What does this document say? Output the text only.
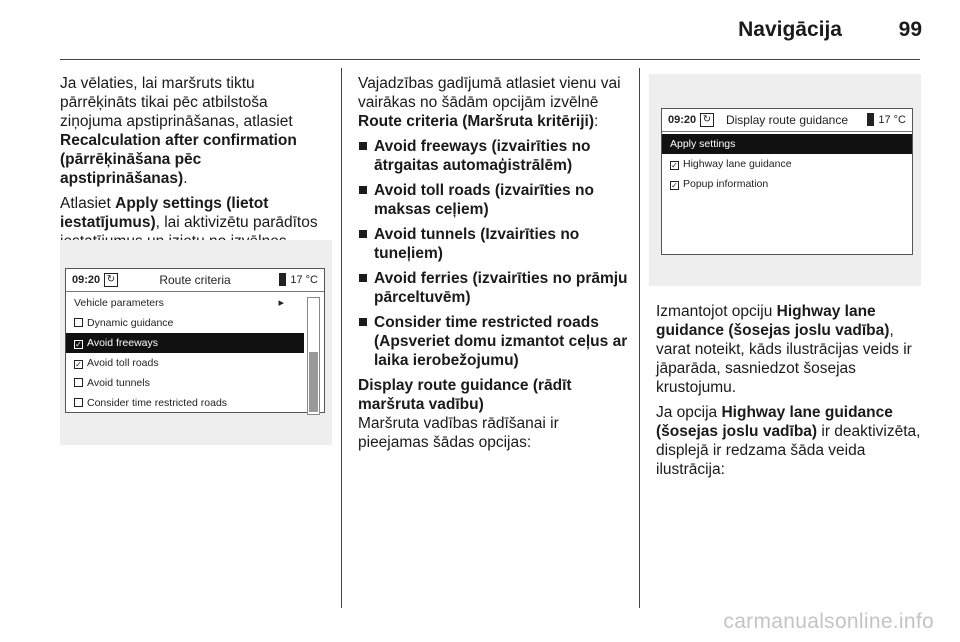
Navigācija	99

Ja vēlaties, lai maršruts tiktu pārrēķināts tikai pēc atbilstoša ziņojuma apstiprināšanas, atlasiet Recalculation after confirmation (pārrēķināšana pēc apstiprināšanas).

Atlasiet Apply settings (lietot iestatījumus), lai aktivizētu parādītos

09:20 ↻	Route criteria	17 °C
Vehicle parameters	▸
Dynamic guidance
✓ Avoid freeways
✓ Avoid toll roads
Avoid tunnels
Consider time restricted roads

Vajadzības gadījumā atlasiet vienu vai vairākas no šādām opcijām izvēlnē Route criteria (Maršruta kritēriji):

Avoid freeways (izvairīties no ātrgaitas automaģistrālēm)
Avoid toll roads (izvairīties no maksas ceļiem)
Avoid tunnels (Izvairīties no tuneļiem)
Avoid ferries (izvairīties no prāmju pārceltuvēm)
Consider time restricted roads (Apsveriet domu izmantot ceļus ar laika ierobežojumu)

Display route guidance (rādīt maršruta vadību)

Maršruta vadības rādīšanai ir pieejamas šādas opcijas:

09:20 ↻	Display route guidance	17 °C
Apply settings
✓ Highway lane guidance
✓ Popup information

Izmantojot opciju Highway lane guidance (šosejas joslu vadība), varat noteikt, kāds ilustrācijas veids ir jāparāda, sasniedzot šosejas krustojumu.

Ja opcija Highway lane guidance (šosejas joslu vadība) ir deaktivizēta, displejā ir redzama šāda veida ilustrācija:

carmanualsonline.info
